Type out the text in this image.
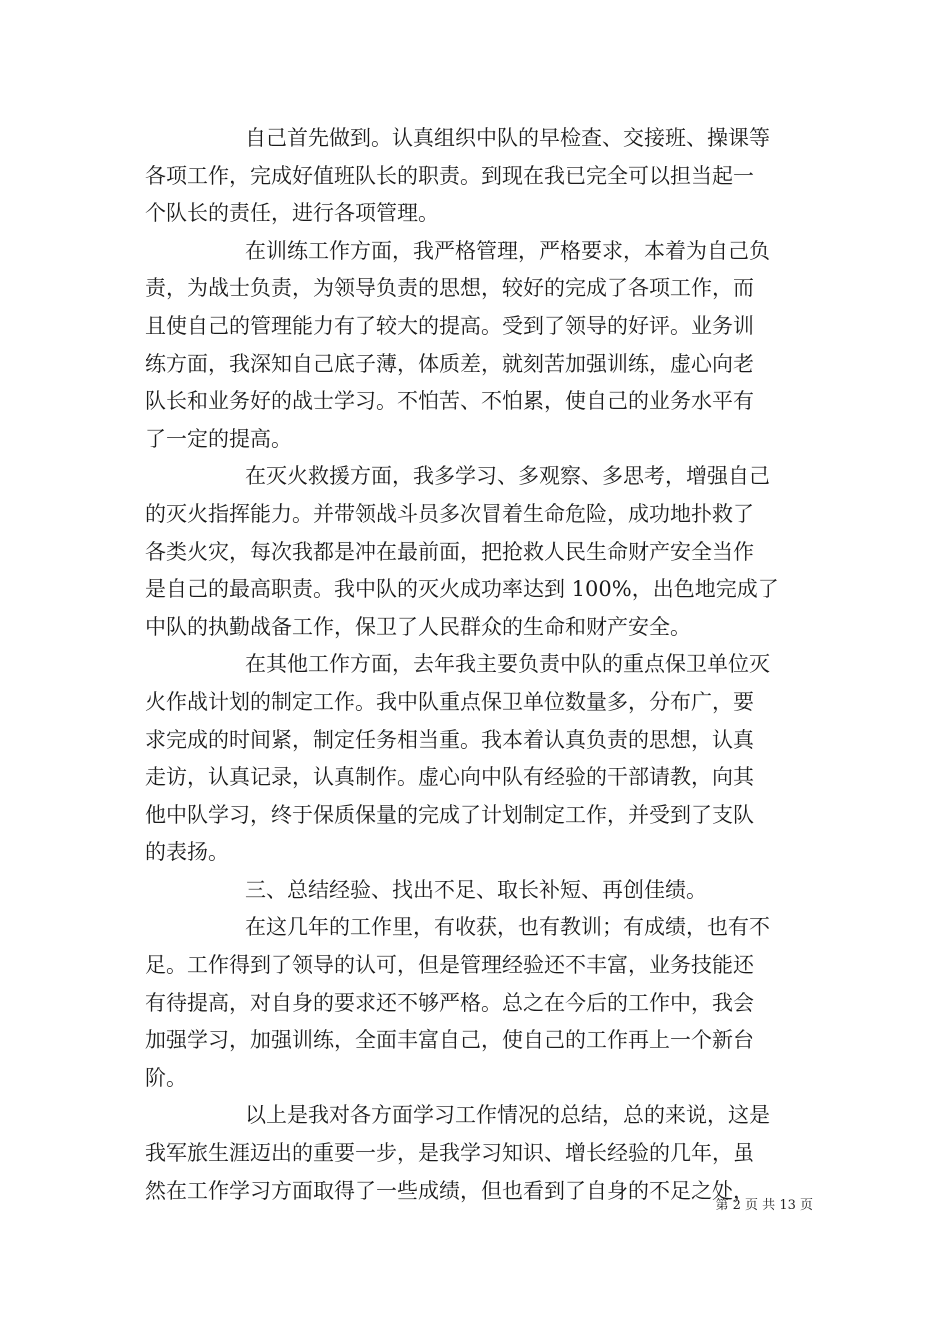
自己首先做到。认真组织中队的早检查、交接班、操课等
各项工作，完成好值班队长的职责。到现在我已完全可以担当起一
个队长的责任，进行各项管理。
在训练工作方面，我严格管理，严格要求，本着为自己负
责，为战士负责，为领导负责的思想，较好的完成了各项工作，而
且使自己的管理能力有了较大的提高。受到了领导的好评。业务训
练方面，我深知自己底子薄，体质差，就刻苦加强训练，虚心向老
队长和业务好的战士学习。不怕苦、不怕累，使自己的业务水平有
了一定的提高。
在灭火救援方面，我多学习、多观察、多思考，增强自己
的灭火指挥能力。并带领战斗员多次冒着生命危险，成功地扑救了
各类火灾，每次我都是冲在最前面，把抢救人民生命财产安全当作
是自己的最高职责。我中队的灭火成功率达到 100%，出色地完成了
中队的执勤战备工作，保卫了人民群众的生命和财产安全。
在其他工作方面，去年我主要负责中队的重点保卫单位灭
火作战计划的制定工作。我中队重点保卫单位数量多，分布广，要
求完成的时间紧，制定任务相当重。我本着认真负责的思想，认真
走访，认真记录，认真制作。虚心向中队有经验的干部请教，向其
他中队学习，终于保质保量的完成了计划制定工作，并受到了支队
的表扬。
三、总结经验、找出不足、取长补短、再创佳绩。
在这几年的工作里，有收获，也有教训；有成绩，也有不
足。工作得到了领导的认可，但是管理经验还不丰富，业务技能还
有待提高，对自身的要求还不够严格。总之在今后的工作中，我会
加强学习，加强训练，全面丰富自己，使自己的工作再上一个新台
阶。
以上是我对各方面学习工作情况的总结，总的来说，这是
我军旅生涯迈出的重要一步，是我学习知识、增长经验的几年，虽
然在工作学习方面取得了一些成绩，但也看到了自身的不足之处，
第 2 页 共 13 页
